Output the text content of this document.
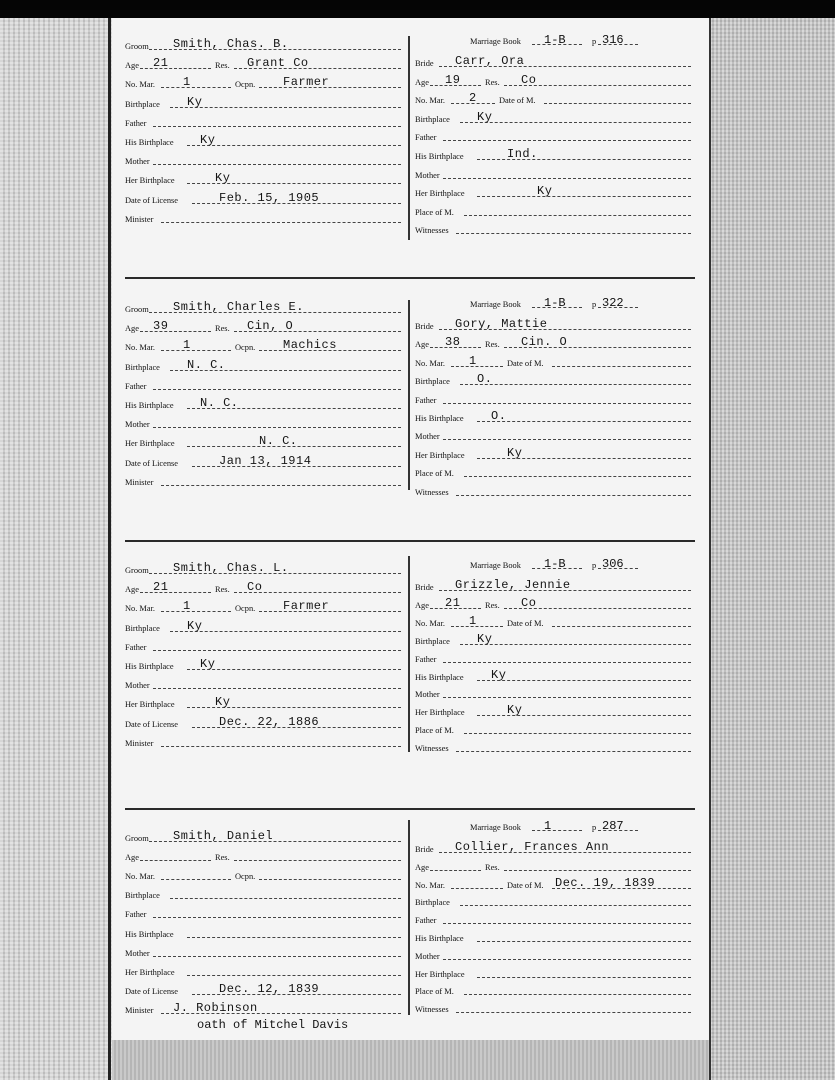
Groom Smith, Chas. B.
Age	Res.
21	Grant Co
No. Mar.	Ocpn.
1	Farmer
Birthplace Ky
Father
His Birthplace Ky
Mother
Her Birthplace	Ky
Date of License	Feb. 15, 1905
Minister
Marriage Book 1-B	p 316
Bride Carr, Ora
Age	Res.
19	Co
No. Mar.	Date of M.
2
Birthplace Ky
Father
His Birthplace	Ind.
Mother
Her Birthplace	Ky
Place of M.
Witnesses
Groom Smith, Charles E.
Age	Res.
39	Cin, O
No. Mar.	Ocpn.
1	Machics
Birthplace N. C.
Father
His Birthplace N. C.
Mother
Her Birthplace	N. C.
Date of License	Jan 13, 1914
Minister
Marriage Book 1-B	p 322
Bride Gory, Mattie
Age	Res.
38	Cin. O
No. Mar.	Date of M.
1
Birthplace O.
Father
His Birthplace O.
Mother
Her Birthplace	Ky
Place of M.
Witnesses
Groom Smith, Chas. L.
Age	Res.
21	Co
No. Mar.	Ocpn.
1	Farmer
Birthplace Ky
Father
His Birthplace Ky
Mother
Her Birthplace	Ky
Date of License	Dec. 22, 1886
Minister
Marriage Book 1-B	p 306
Bride Grizzle, Jennie
Age	Res.
21	Co
No. Mar.	Date of M.
1
Birthplace Ky
Father
His Birthplace Ky
Mother
Her Birthplace	Ky
Place of M.
Witnesses
Groom Smith, Daniel
Age	Res.
No. Mar.	Ocpn.
Birthplace
Father
His Birthplace
Mother
Her Birthplace
Date of License	Dec. 12, 1839
Minister J. Robinson
Marriage Book 1	p 287
Bride Collier, Frances Ann
Age	Res.
No. Mar.	Date of M. Dec. 19, 1839
Birthplace
Father
His Birthplace
Mother
Her Birthplace
Place of M.
Witnesses
oath of Mitchel Davis
